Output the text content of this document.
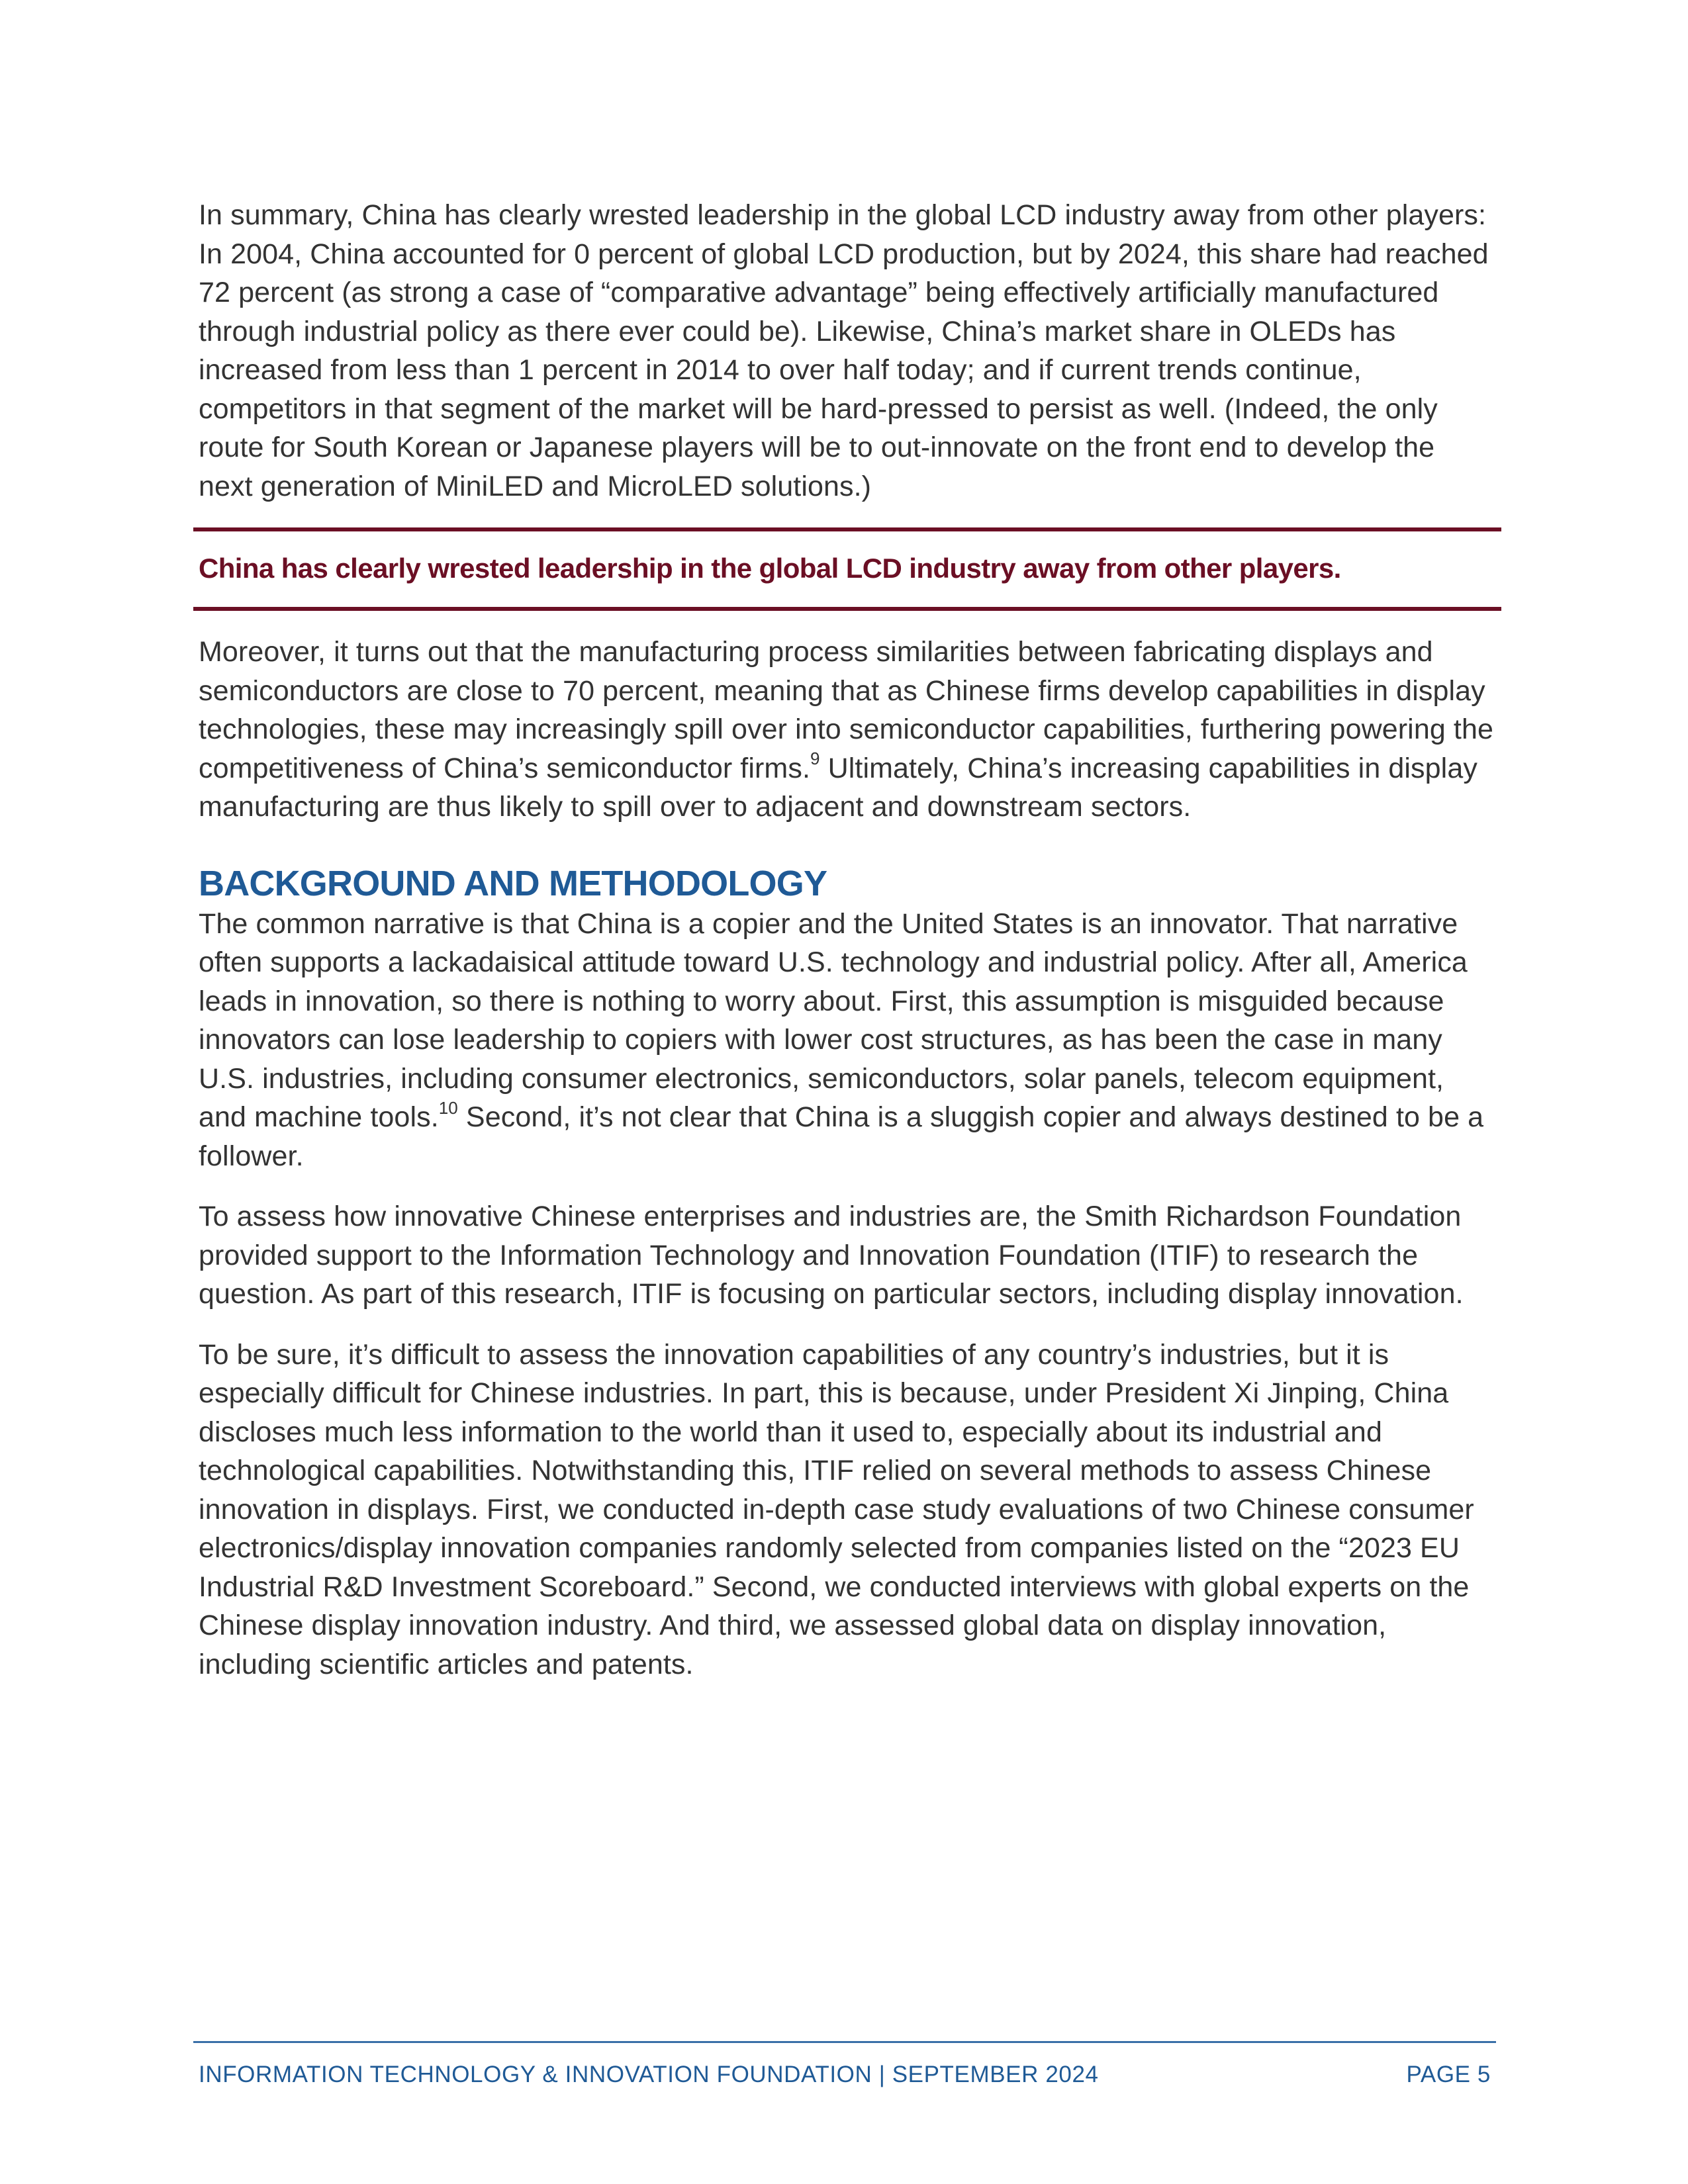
In summary, China has clearly wrested leadership in the global LCD industry away from other players: In 2004, China accounted for 0 percent of global LCD production, but by 2024, this share had reached 72 percent (as strong a case of “comparative advantage” being effectively artificially manufactured through industrial policy as there ever could be). Likewise, China’s market share in OLEDs has increased from less than 1 percent in 2014 to over half today; and if current trends continue, competitors in that segment of the market will be hard-pressed to persist as well. (Indeed, the only route for South Korean or Japanese players will be to out-innovate on the front end to develop the next generation of MiniLED and MicroLED solutions.)

China has clearly wrested leadership in the global LCD industry away from other players.

Moreover, it turns out that the manufacturing process similarities between fabricating displays and semiconductors are close to 70 percent, meaning that as Chinese firms develop capabilities in display technologies, these may increasingly spill over into semiconductor capabilities, furthering powering the competitiveness of China’s semiconductor firms.$^9$ Ultimately, China’s increasing capabilities in display manufacturing are thus likely to spill over to adjacent and downstream sectors.

BACKGROUND AND METHODOLOGY

The common narrative is that China is a copier and the United States is an innovator. That narrative often supports a lackadaisical attitude toward U.S. technology and industrial policy. After all, America leads in innovation, so there is nothing to worry about. First, this assumption is misguided because innovators can lose leadership to copiers with lower cost structures, as has been the case in many U.S. industries, including consumer electronics, semiconductors, solar panels, telecom equipment, and machine tools.$^{10}$ Second, it’s not clear that China is a sluggish copier and always destined to be a follower.

To assess how innovative Chinese enterprises and industries are, the Smith Richardson Foundation provided support to the Information Technology and Innovation Foundation (ITIF) to research the question. As part of this research, ITIF is focusing on particular sectors, including display innovation.

To be sure, it’s difficult to assess the innovation capabilities of any country’s industries, but it is especially difficult for Chinese industries. In part, this is because, under President Xi Jinping, China discloses much less information to the world than it used to, especially about its industrial and technological capabilities. Notwithstanding this, ITIF relied on several methods to assess Chinese innovation in displays. First, we conducted in-depth case study evaluations of two Chinese consumer electronics/display innovation companies randomly selected from companies listed on the “2023 EU Industrial R&D Investment Scoreboard.” Second, we conducted interviews with global experts on the Chinese display innovation industry. And third, we assessed global data on display innovation, including scientific articles and patents.

INFORMATION TECHNOLOGY & INNOVATION FOUNDATION | SEPTEMBER 2024	PAGE 5
